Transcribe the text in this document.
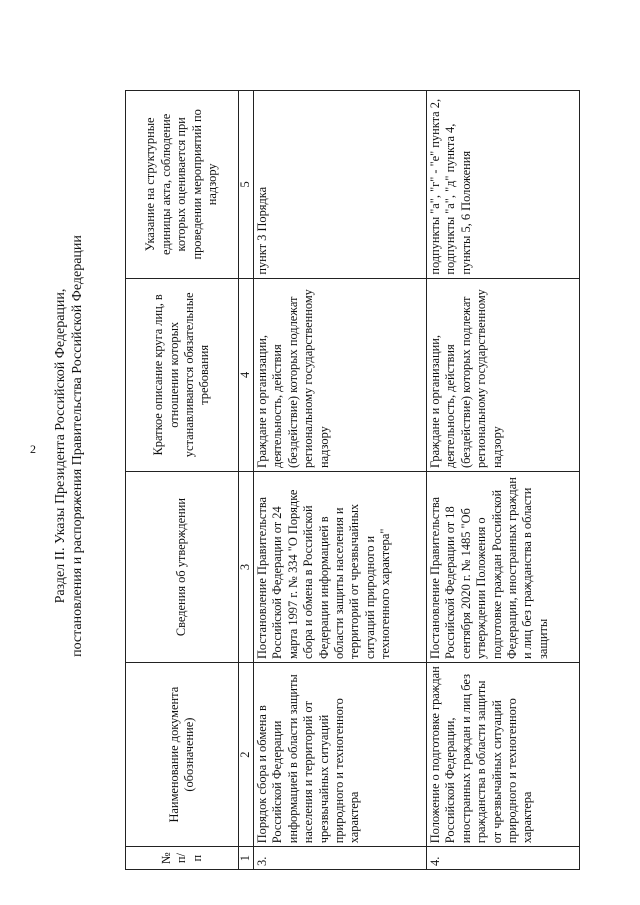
2 Раздел II. Указы Президента Российской Федерации, постановления и распоряжения Правительства Российской Федерации
№ п/п	Наименование документа (обозначение)	Сведения об утверждении	Краткое описание круга лиц, в отношении которых устанавливаются обязательные требования	Указание на структурные единицы акта, соблюдение которых оценивается при проведении мероприятий по надзору
1	2	3	4	5
3.	Порядок сбора и обмена в Российской Федерации информацией в области защиты населения и территорий от чрезвычайных ситуаций природного и техногенного характера	Постановление Правительства Российской Федерации от 24 марта 1997 г. № 334 "О Порядке сбора и обмена в Российской Федерации информацией в области защиты населения и территорий от чрезвычайных ситуаций природного и техногенного характера"	Граждане и организации, деятельность, действия (бездействие) которых подлежат региональному государственному надзору	пункт 3 Порядка
4.	Положение о подготовке граждан Российской Федерации, иностранных граждан и лиц без гражданства в области защиты от чрезвычайных ситуаций природного и техногенного характера	Постановление Правительства Российской Федерации от 18 сентября 2020 г. № 1485 "Об утверждении Положения о подготовке граждан Российской Федерации, иностранных граждан и лиц без гражданства в области защиты	Граждане и организации, деятельность, действия (бездействие) которых подлежат региональному государственному надзору	подпункты "а", "г" - "е" пункта 2, подпункты "а", "д" пункта 4, пункты 5, 6 Положения
